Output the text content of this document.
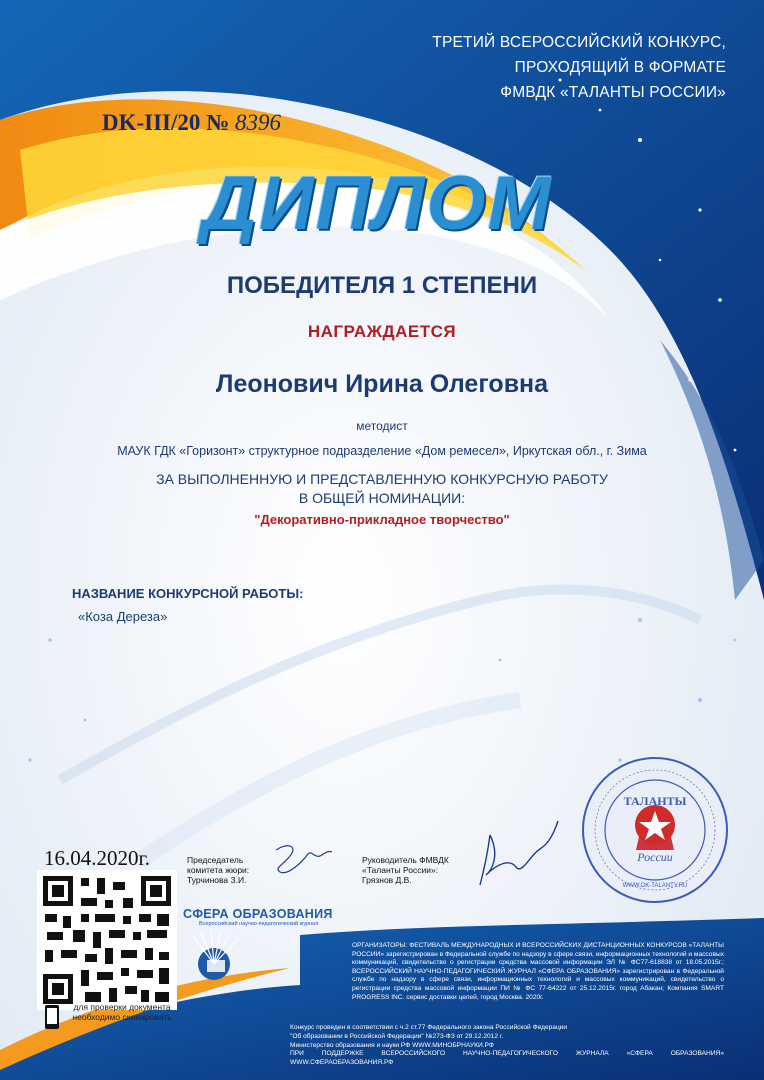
ТРЕТИЙ ВСЕРОССИЙСКИЙ КОНКУРС,
ПРОХОДЯЩИЙ В ФОРМАТЕ
ФМВДК «ТАЛАНТЫ РОССИИ»
DK-III/20 № 8396
ДИПЛОМ
ПОБЕДИТЕЛЯ 1 СТЕПЕНИ
НАГРАЖДАЕТСЯ
Леонович Ирина Олеговна
методист
МАУК ГДК «Горизонт» структурное подразделение «Дом ремесел», Иркутская обл., г. Зима
ЗА ВЫПОЛНЕННУЮ И ПРЕДСТАВЛЕННУЮ КОНКУРСНУЮ РАБОТУ
В ОБЩЕЙ НОМИНАЦИИ:
"Декоративно-прикладное творчество"
НАЗВАНИЕ КОНКУРСНОЙ РАБОТЫ:
«Коза Дереза»
16.04.2020г.	Председатель
комитета жюри:
Турчинова З.И.
Руководитель ФМВДК
«Таланты России»:
Грязнов Д.В.
для проверки документа
необходимо сканировать
СФЕРА ОБРАЗОВАНИЯ
Всероссийский научно-педагогический журнал
ТАЛАНТЫ
России
WWW.DK-TALANTY.RU
ОРГАНИЗАТОРЫ: ФЕСТИВАЛЬ МЕЖДУНАРОДНЫХ И ВСЕРОССИЙСКИХ ДИСТАНЦИОННЫХ КОНКУРСОВ «ТАЛАНТЫ РОССИИ» зарегистрирован в Федеральной службе по надзору в сфере связи, информационных технологий и массовых коммуникаций, свидетельство о регистрации средства массовой информации ЭЛ № ФС77-61883​8 от 18.05.2015г.; ВСЕРОССИЙСКИЙ НАУЧНО-ПЕДАГОГИЧЕСКИЙ ЖУРНАЛ «СФЕРА ОБРАЗОВАНИЯ» зарегистрирован в Федеральной службе по надзору в сфере связи, информационных технологий и массовых коммуникаций, свидетельство о регистрации средства массовой информации ПИ № ФС 77-64222 от 25.12.2015г. город Абакан; Компания SMART PROGRESS INC. сервис доставки целей, город Москва. 2020г.
Конкурс проведен в соответствии с ч.2 ст.77 Федерального закона Российской Федерации
"Об образовании в Российской Федерации" №273-ФЗ от 29.12.2012 г.
Министерство образования и науки РФ WWW.МИНОБРНАУКИ.РФ
ПРИ ПОДДЕРЖКЕ ВСЕРОССИЙСКОГО НАУЧНО-ПЕДАГОГИЧЕСКОГО ЖУРНАЛА «СФЕРА ОБРАЗОВАНИЯ» WWW.СФЕРАОБРАЗОВАНИЯ.РФ
